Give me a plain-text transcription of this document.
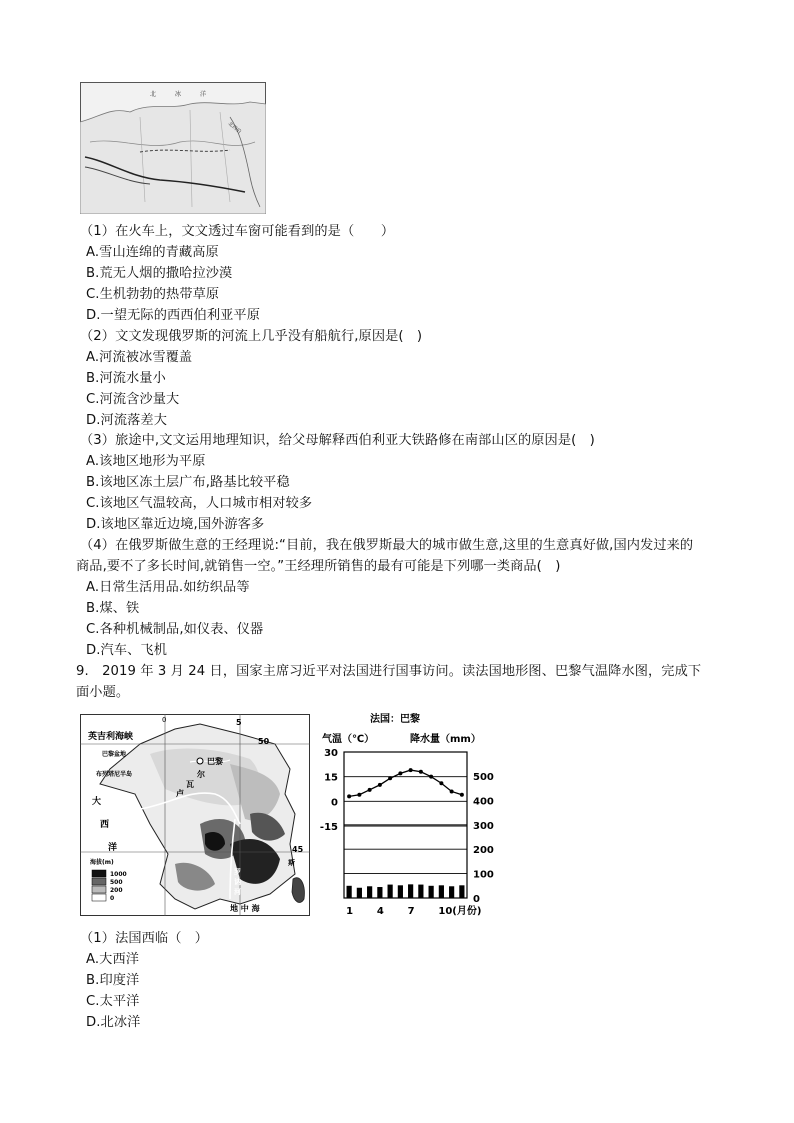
北	冰	洋
北西伯
（1）在火车上，文文透过车窗可能看到的是（　　）
A.雪山连绵的青藏高原
B.荒无人烟的撒哈拉沙漠
C.生机勃勃的热带草原
D.一望无际的西西伯利亚平原
（2）文文发现俄罗斯的河流上几乎没有船航行,原因是(　)
A.河流被冰雪覆盖
B.河流水量小
C.河流含沙量大
D.河流落差大
（3）旅途中,文文运用地理知识，给父母解释西伯利亚大铁路修在南部山区的原因是(　)
A.该地区地形为平原
B.该地区冻土层广布,路基比较平稳
C.该地区气温较高，人口城市相对较多
D.该地区靠近边境,国外游客多
（4）在俄罗斯做生意的王经理说:“目前，我在俄罗斯最大的城市做生意,这里的生意真好做,国内发过来的
商品,要不了多长时间,就销售一空。”王经理所销售的最有可能是下列哪一类商品(　)
A.日常生活用品.如纺织品等
B.煤、铁
C.各种机械制品,如仪表、仪器
D.汽车、飞机
9.　2019 年 3 月 24 日，国家主席习近平对法国进行国事访问。读法国地形图、巴黎气温降水图，完成下
面小题。
英吉利海峡
巴黎盆地
巴黎
布列塔尼半岛
大
西
洋
卢
瓦
尔
0	5
50
45
斯
罗
讷
河
地 中 海
海拔(m)
1000
500
200
0
法国：巴黎
气温（℃）	降水量（mm）
30
15
0
-15
500
400
300
200
100
0
1 4 7 10(月份)
（1）法国西临（　）
A.大西洋
B.印度洋
C.太平洋
D.北冰洋
